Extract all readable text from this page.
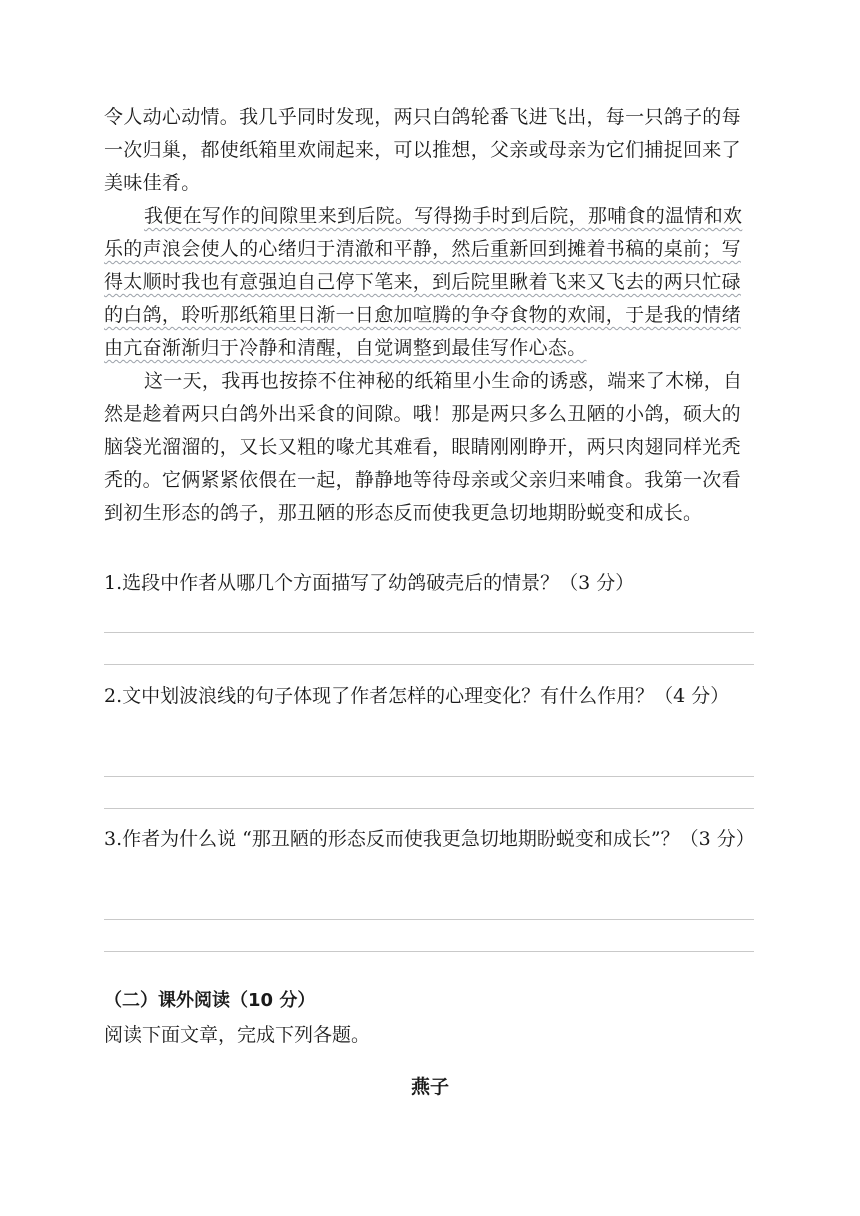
令人动心动情。我几乎同时发现，两只白鸽轮番飞进飞出，每一只鸽子的每一次归巢，都使纸箱里欢闹起来，可以推想，父亲或母亲为它们捕捉回来了美味佳肴。

我便在写作的间隙里来到后院。写得拗手时到后院，那哺食的温情和欢乐的声浪会使人的心绪归于清澈和平静，然后重新回到摊着书稿的桌前；写得太顺时我也有意强迫自己停下笔来，到后院里瞅着飞来又飞去的两只忙碌的白鸽，聆听那纸箱里日渐一日愈加喧腾的争夺食物的欢闹，于是我的情绪由亢奋渐渐归于冷静和清醒，自觉调整到最佳写作心态。

这一天，我再也按捺不住神秘的纸箱里小生命的诱惑，端来了木梯，自然是趁着两只白鸽外出采食的间隙。哦！那是两只多么丑陋的小鸽，硕大的脑袋光溜溜的，又长又粗的喙尤其难看，眼睛刚刚睁开，两只肉翅同样光秃秃的。它俩紧紧依偎在一起，静静地等待母亲或父亲归来哺食。我第一次看到初生形态的鸽子，那丑陋的形态反而使我更急切地期盼蜕变和成长。

1.选段中作者从哪几个方面描写了幼鸽破壳后的情景？（3 分）

2.文中划波浪线的句子体现了作者怎样的心理变化？有什么作用？（4 分）

3.作者为什么说 “那丑陋的形态反而使我更急切地期盼蜕变和成长”？（3 分）

（二）课外阅读（10 分）

阅读下面文章，完成下列各题。

燕子
